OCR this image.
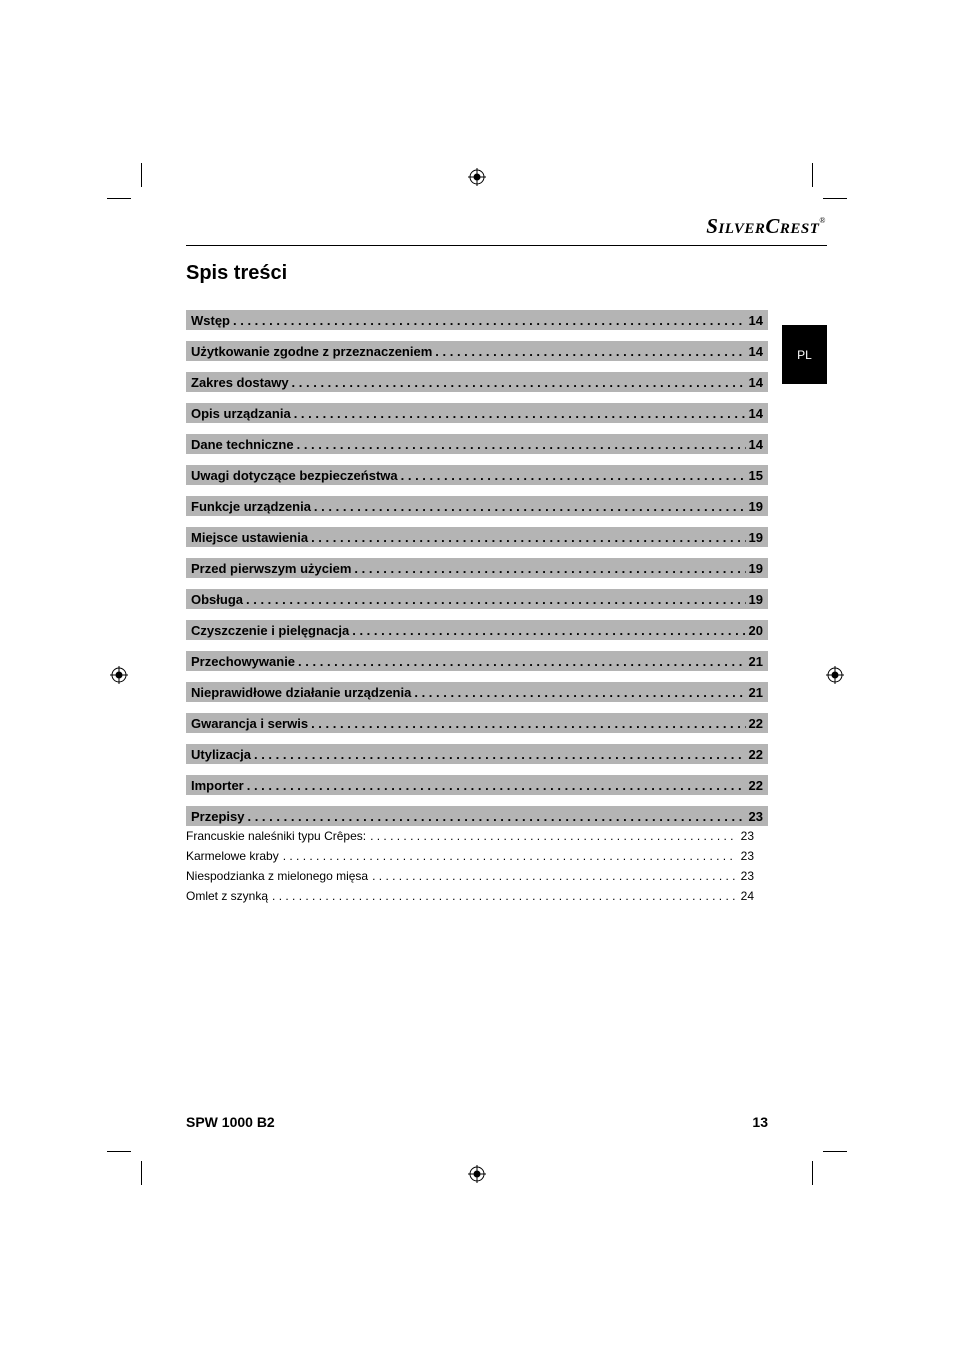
SilverCrest®
Spis treści
PL
Wstęp . . .	14
Użytkowanie zgodne z przeznaczeniem . . .	14
Zakres dostawy . . .	14
Opis urządzania . . .	14
Dane techniczne . . .	14
Uwagi dotyczące bezpieczeństwa . . .	15
Funkcje urządzenia . . .	19
Miejsce ustawienia . . .	19
Przed pierwszym użyciem . . .	19
Obsługa . . .	19
Czyszczenie i pielęgnacja . . .	20
Przechowywanie . . .	21
Nieprawidłowe działanie urządzenia . . .	21
Gwarancja i serwis . . .	22
Utylizacja . . .	22
Importer . . .	22
Przepisy . . .	23
Francuskie naleśniki typu Crêpes: . . .	23
Karmelowe kraby . . .	23
Niespodzianka z mielonego mięsa . . .	23
Omlet z szynką . . .	24
SPW 1000 B2	13
